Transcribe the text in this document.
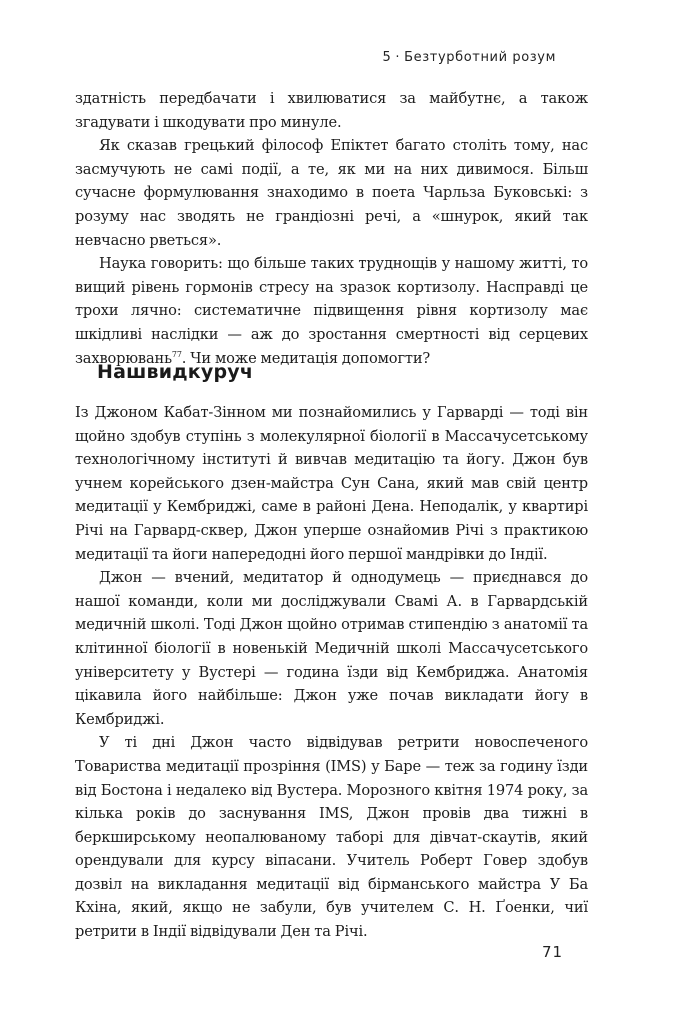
5 · Безтурботний розум

здатність передбачати і хвилюватися за майбутнє, а також згадувати і шкодувати про минуле.

Як сказав грецький філософ Епіктет багато століть тому, нас засмучують не самі події, а те, як ми на них дивимося. Більш сучасне формулювання знаходимо в поета Чарльза Буковські: з розуму нас зводять не грандіозні речі, а «шнурок, який так невчасно рветься».

Наука говорить: що більше таких труднощів у нашому житті, то вищий рівень гормонів стресу на зразок кортизолу. Насправді це трохи лячно: систематичне підвищення рівня кортизолу має шкідливі наслідки — аж до зростання смертності від серцевих захворювань$^{77}$. Чи може медитація допомогти?

Нашвидкуруч

Із Джоном Кабат-Зінном ми познайомились у Гарварді — тоді він щойно здобув ступінь з молекулярної біології в Массачусетському технологічному інституті й вивчав медитацію та йогу. Джон був учнем корейського дзен-майстра Сун Сана, який мав свій центр медитації у Кембриджі, саме в районі Дена. Неподалік, у квартирі Річі на Гарвард-сквер, Джон уперше ознайомив Річі з практикою медитації та йоги напередодні його першої мандрівки до Індії.

Джон — вчений, медитатор й однодумець — приєднався до нашої команди, коли ми досліджували Свамі А. в Гарвардській медичній школі. Тоді Джон щойно отримав стипендію з анатомії та клітинної біології в новенькій Медичній школі Массачусетського університету у Вустері — година їзди від Кембриджа. Анатомія цікавила його найбільше: Джон уже почав викладати йогу в Кембриджі.

У ті дні Джон часто відвідував ретрити новоспеченого Товариства медитації прозріння (IMS) у Баре — теж за годину їзди від Бостона і недалеко від Вустера. Морозного квітня 1974 року, за кілька років до заснування IMS, Джон провів два тижні в беркширському неопалюваному таборі для дівчат-скаутів, який орендували для курсу віпасани. Учитель Роберт Говер здобув дозвіл на викладання медитації від бірманського майстра У Ба Кхіна, який, якщо не забули, був учителем С. Н. Ґоенки, чиї ретрити в Індії відвідували Ден та Річі.

71
